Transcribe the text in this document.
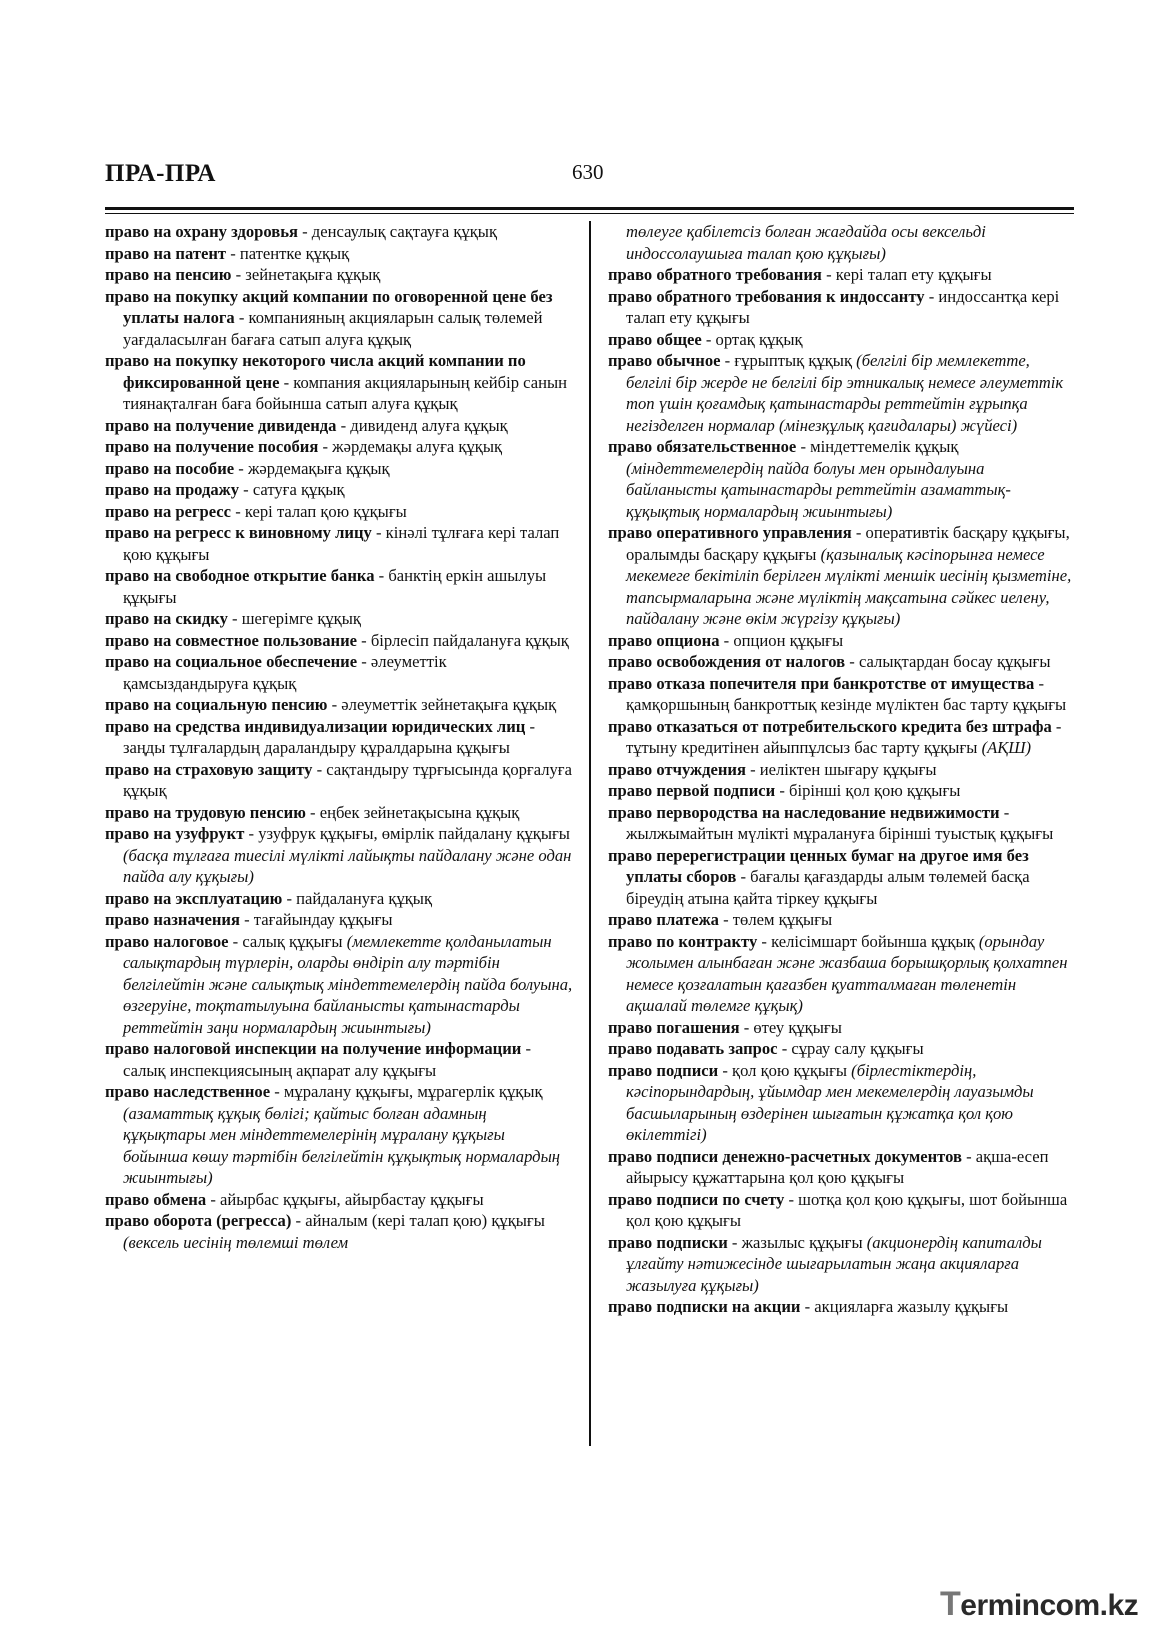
ПРА-ПРА	630

право на охрану здоровья - денсаулық сақтауға құқық

право на патент - патентке құқық

право на пенсию - зейнетақыға құқық

право на покупку акций компании по оговоренной цене без уплаты налога - компанияның акцияларын салық төлемей уағдаласылған бағаға сатып алуға құқық

право на покупку некоторого числа акций компании по фиксированной цене - компания акцияларының кейбір санын тиянақталған баға бойынша сатып алуға құқық

право на получение дивиденда - дивиденд алуға құқық

право на получение пособия - жәрдемақы алуға құқық

право на пособие - жәрдемақыға құқық

право на продажу - сатуға құқық

право на регресс - кері талап қою құқығы

право на регресс к виновному лицу - кінәлі тұлғаға кері талап қою құқығы

право на свободное открытие банка - банктің еркін ашылуы құқығы

право на скидку - шегерімге құқық

право на совместное пользование - бірлесіп пайдалануға құқық

право на социальное обеспечение - әлеуметтік қамсыздандыруға құқық

право на социальную пенсию - әлеуметтік зейнетақыға құқық

право на средства индивидуализации юридических лиц - заңды тұлғалардың дараландыру құралдарына құқығы

право на страховую защиту - сақтандыру тұрғысында қорғалуға құқық

право на трудовую пенсию - еңбек зейнетақысына құқық

право на узуфрукт - узуфрук құқығы, өмірлік пайдалану құқығы (басқа тұлғаға тиесілі мүлікті лайықты пайдалану және одан пайда алу құқығы)

право на эксплуатацию - пайдалануға құқық

право назначения - тағайындау құқығы

право налоговое - салық құқығы (мемлекетте қолданылатын салықтардың түрлерін, оларды өндіріп алу тәртібін белгілейтін және салықтық міндеттемелердің пайда болуына, өзгеруіне, тоқтатылуына байланысты қатынастарды реттейтін заңи нормалардың жиынтығы)

право налоговой инспекции на получение информации - салық инспекциясының ақпарат алу құқығы

право наследственное - мұралану құқығы, мұрагерлік құқық (азаматтық құқық бөлігі; қайтыс болған адамның құқықтары мен міндеттемелерінің мұралану құқығы бойынша көшу тәртібін белгілейтін құқықтық нормалардың жиынтығы)

право обмена - айырбас құқығы, айырбастау құқығы

право оборота (регресса) - айналым (кері талап қою) құқығы (вексель иесінің төлемші төлем

төлеуге қабілетсіз болған жағдайда осы вексельді индоссолаушыға талап қою құқығы)

право обратного требования - кері талап ету құқығы

право обратного требования к индоссанту - индоссантқа кері талап ету құқығы

право общее - ортақ құқық

право обычное - ғұрыптық құқық (белгілі бір мемлекетте, белгілі бір жерде не белгілі бір этникалық немесе әлеуметтік топ үшін қоғамдық қатынастарды реттейтін ғұрыпқа негізделген нормалар (мінезқұлық қағидалары) жүйесі)

право обязательственное - міндеттемелік құқық (міндеттемелердің пайда болуы мен орындалуына байланысты қатынастарды реттейтін азаматтық-құқықтық нормалардың жиынтығы)

право оперативного управления - оперативтік басқару құқығы, оралымды басқару құқығы (қазыналық кәсіпорынға немесе мекемеге бекітіліп берілген мүлікті меншік иесінің қызметіне, тапсырмаларына және мүліктің мақсатына сәйкес иелену, пайдалану және өкім жүргізу құқығы)

право опциона - опцион құқығы

право освобождения от налогов - салықтардан босау құқығы

право отказа попечителя при банкротстве от имущества - қамқоршының банкроттық кезінде мүліктен бас тарту құқығы

право отказаться от потребительского кредита без штрафа - тұтыну кредитінен айыппұлсыз бас тарту құқығы (АҚШ)

право отчуждения - иеліктен шығару құқығы

право первой подписи - бірінші қол қою құқығы

право первородства на наследование недвижимости - жылжымайтын мүлікті мұралануға бірінші туыстық құқығы

право перерегистрации ценных бумаг на другое имя без уплаты сборов - бағалы қағаздарды алым төлемей басқа біреудің атына қайта тіркеу құқығы

право платежа - төлем құқығы

право по контракту - келісімшарт бойынша құқық (орындау жолымен алынбаған және жазбаша борышқорлық қолхатпен немесе қозғалатын қағазбен қуатталмаған төленетін ақшалай төлемге құқық)

право погашения - өтеу құқығы

право подавать запрос - сұрау салу құқығы

право подписи - қол қою құқығы (бірлестіктердің, кәсіпорындардың, ұйымдар мен мекемелердің лауазымды басшыларының өздерінен шығатын құжатқа қол қою өкілеттігі)

право подписи денежно-расчетных документов - ақша-есеп айырысу құжаттарына қол қою құқығы

право подписи по счету - шотқа қол қою құқығы, шот бойынша қол қою құқығы

право подписки - жазылыс құқығы (акционердің капиталды ұлғайту нәтижесінде шығарылатын жаңа акцияларға жазылуға құқығы)

право подписки на акции - акцияларға жазылу құқығы

Termincom.kz
